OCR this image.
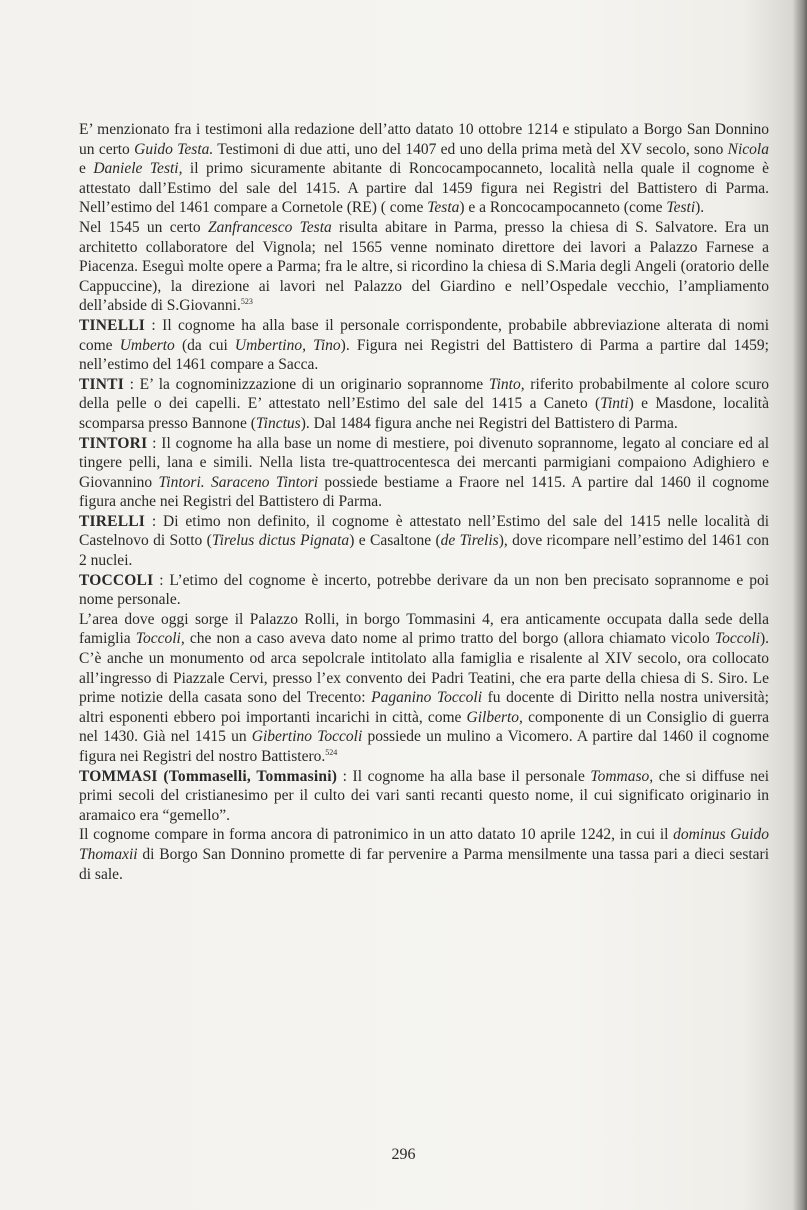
E’ menzionato fra i testimoni alla redazione dell’atto datato 10 ottobre 1214 e stipulato a Borgo San Donnino un certo Guido Testa. Testimoni di due atti, uno del 1407 ed uno della prima metà del XV secolo, sono Nicola e Daniele Testi, il primo sicuramente abitante di Roncocampocanneto, località nella quale il cognome è attestato dall’Estimo del sale del 1415. A partire dal 1459 figura nei Registri del Battistero di Parma. Nell’estimo del 1461 compare a Cornetole (RE) ( come Testa) e a Roncocampocanneto (come Testi).

Nel 1545 un certo Zanfrancesco Testa risulta abitare in Parma, presso la chiesa di S. Salvatore. Era un architetto collaboratore del Vignola; nel 1565 venne nominato direttore dei lavori a Palazzo Farnese a Piacenza. Eseguì molte opere a Parma; fra le altre, si ricordino la chiesa di S.Maria degli Angeli (oratorio delle Cappuccine), la direzione ai lavori nel Palazzo del Giardino e nell’Ospedale vecchio, l’ampliamento dell’abside di S.Giovanni.$^{523}$

TINELLI : Il cognome ha alla base il personale corrispondente, probabile abbreviazione alterata di nomi come Umberto (da cui Umbertino, Tino). Figura nei Registri del Battistero di Parma a partire dal 1459; nell’estimo del 1461 compare a Sacca.

TINTI : E’ la cognominizzazione di un originario soprannome Tinto, riferito probabilmente al colore scuro della pelle o dei capelli. E’ attestato nell’Estimo del sale del 1415 a Caneto (Tinti) e Masdone, località scomparsa presso Bannone (Tinctus). Dal 1484 figura anche nei Registri del Battistero di Parma.

TINTORI : Il cognome ha alla base un nome di mestiere, poi divenuto soprannome, legato al conciare ed al tingere pelli, lana e simili. Nella lista tre-quattrocentesca dei mercanti parmigiani compaiono Adighiero e Giovannino Tintori. Saraceno Tintori possiede bestiame a Fraore nel 1415. A partire dal 1460 il cognome figura anche nei Registri del Battistero di Parma.

TIRELLI : Di etimo non definito, il cognome è attestato nell’Estimo del sale del 1415 nelle località di Castelnovo di Sotto (Tirelus dictus Pignata) e Casaltone (de Tirelis), dove ricompare nell’estimo del 1461 con 2 nuclei.

TOCCOLI : L’etimo del cognome è incerto, potrebbe derivare da un non ben precisato soprannome e poi nome personale.

L’area dove oggi sorge il Palazzo Rolli, in borgo Tommasini 4, era anticamente occupata dalla sede della famiglia Toccoli, che non a caso aveva dato nome al primo tratto del borgo (allora chiamato vicolo Toccoli). C’è anche un monumento od arca sepolcrale intitolato alla famiglia e risalente al XIV secolo, ora collocato all’ingresso di Piazzale Cervi, presso l’ex convento dei Padri Teatini, che era parte della chiesa di S. Siro. Le prime notizie della casata sono del Trecento: Paganino Toccoli fu docente di Diritto nella nostra università; altri esponenti ebbero poi importanti incarichi in città, come Gilberto, componente di un Consiglio di guerra nel 1430. Già nel 1415 un Gibertino Toccoli possiede un mulino a Vicomero. A partire dal 1460 il cognome figura nei Registri del nostro Battistero.$^{524}$

TOMMASI (Tommaselli, Tommasini) : Il cognome ha alla base il personale Tommaso, che si diffuse nei primi secoli del cristianesimo per il culto dei vari santi recanti questo nome, il cui significato originario in aramaico era “gemello”.

Il cognome compare in forma ancora di patronimico in un atto datato 10 aprile 1242, in cui il dominus Guido Thomaxii di Borgo San Donnino promette di far pervenire a Parma mensilmente una tassa pari a dieci sestari di sale.

296
